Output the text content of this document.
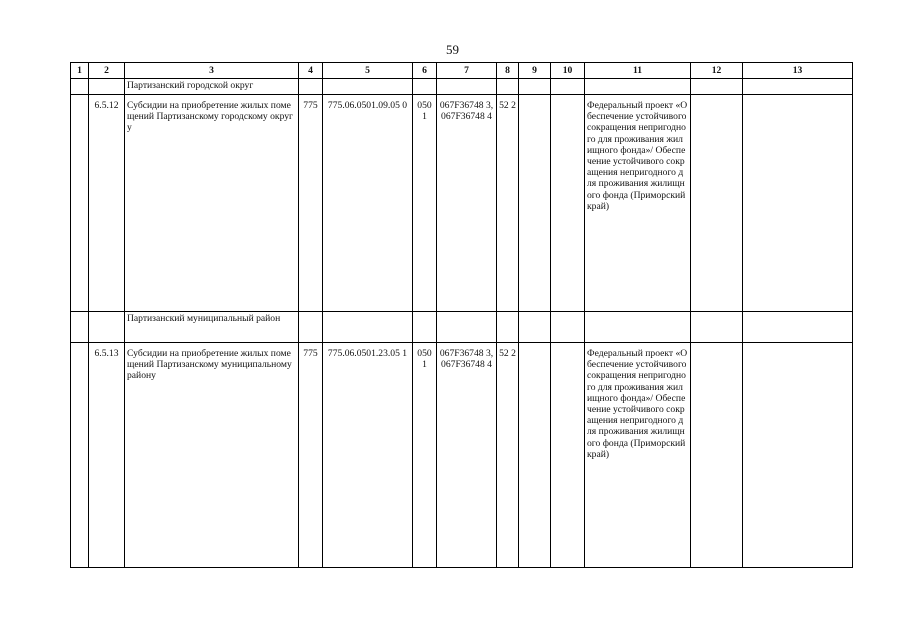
59
1	2	3	4	5	6	7	8	9	10	11	12	13
		Партизанский городской округ										
	6.5.12	Субсидии на приобретение жилых помещений Партизанскому городскому округу	775	775.06.0501.09.05 0	050 1	067F36748 3, 067F36748 4	52 2			Федеральный проект «Обеспечение устойчивого сокращения непригодного для проживания жилищного фонда»/ Обеспечение устойчивого сокращения непригодного для проживания жилищного фонда (Приморский край)		
		Партизанский муниципальный район										
	6.5.13	Субсидии на приобретение жилых помещений Партизанскому муниципальному району	775	775.06.0501.23.05 1	050 1	067F36748 3, 067F36748 4	52 2			Федеральный проект «Обеспечение устойчивого сокращения непригодного для проживания жилищного фонда»/ Обеспечение устойчивого сокращения непригодного для проживания жилищного фонда (Приморский край)		
